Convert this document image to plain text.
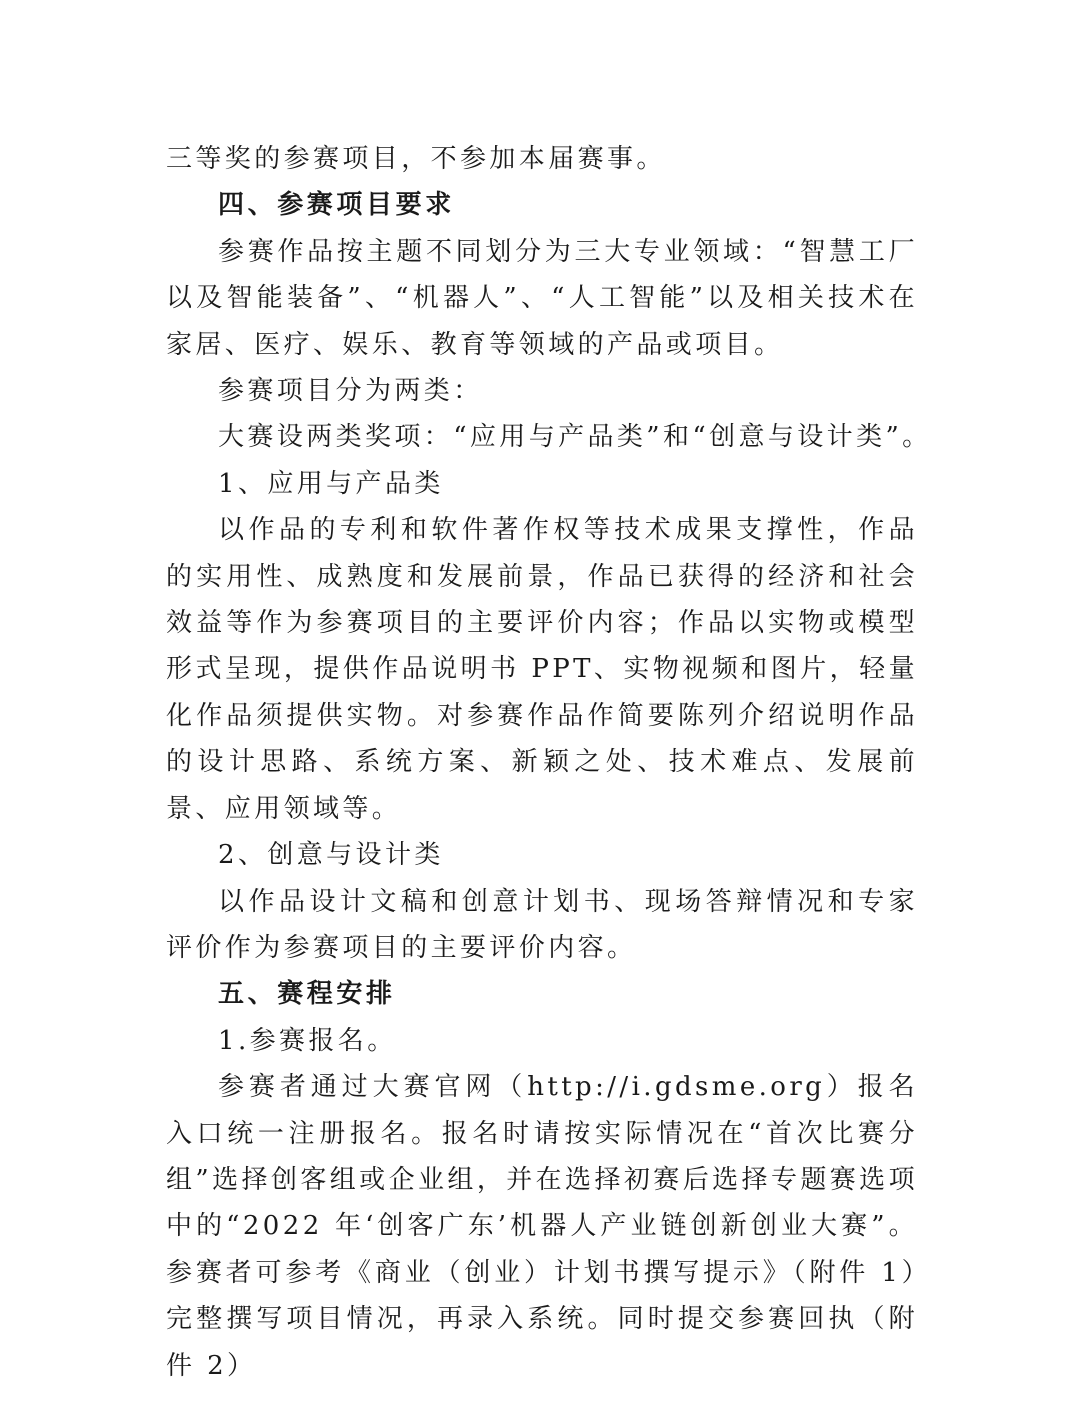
三等奖的参赛项目，不参加本届赛事。

四、参赛项目要求

参赛作品按主题不同划分为三大专业领域：“智慧工厂以及智能装备”、“机器人”、“人工智能”以及相关技术在家居、医疗、娱乐、教育等领域的产品或项目。

参赛项目分为两类：

大赛设两类奖项：“应用与产品类”和“创意与设计类”。

1、应用与产品类

以作品的专利和软件著作权等技术成果支撑性，作品的实用性、成熟度和发展前景，作品已获得的经济和社会效益等作为参赛项目的主要评价内容；作品以实物或模型形式呈现，提供作品说明书 PPT、实物视频和图片，轻量化作品须提供实物。对参赛作品作简要陈列介绍说明作品的设计思路、系统方案、新颖之处、技术难点、发展前景、应用领域等。

2、创意与设计类

以作品设计文稿和创意计划书、现场答辩情况和专家评价作为参赛项目的主要评价内容。

五、赛程安排

1.参赛报名。

参赛者通过大赛官网（http://i.gdsme.org）报名入口统一注册报名。报名时请按实际情况在“首次比赛分组”选择创客组或企业组，并在选择初赛后选择专题赛选项中的“2022 年‘创客广东’机器人产业链创新创业大赛”。参赛者可参考《商业（创业）计划书撰写提示》（附件 1）完整撰写项目情况，再录入系统。同时提交参赛回执（附件 2）
